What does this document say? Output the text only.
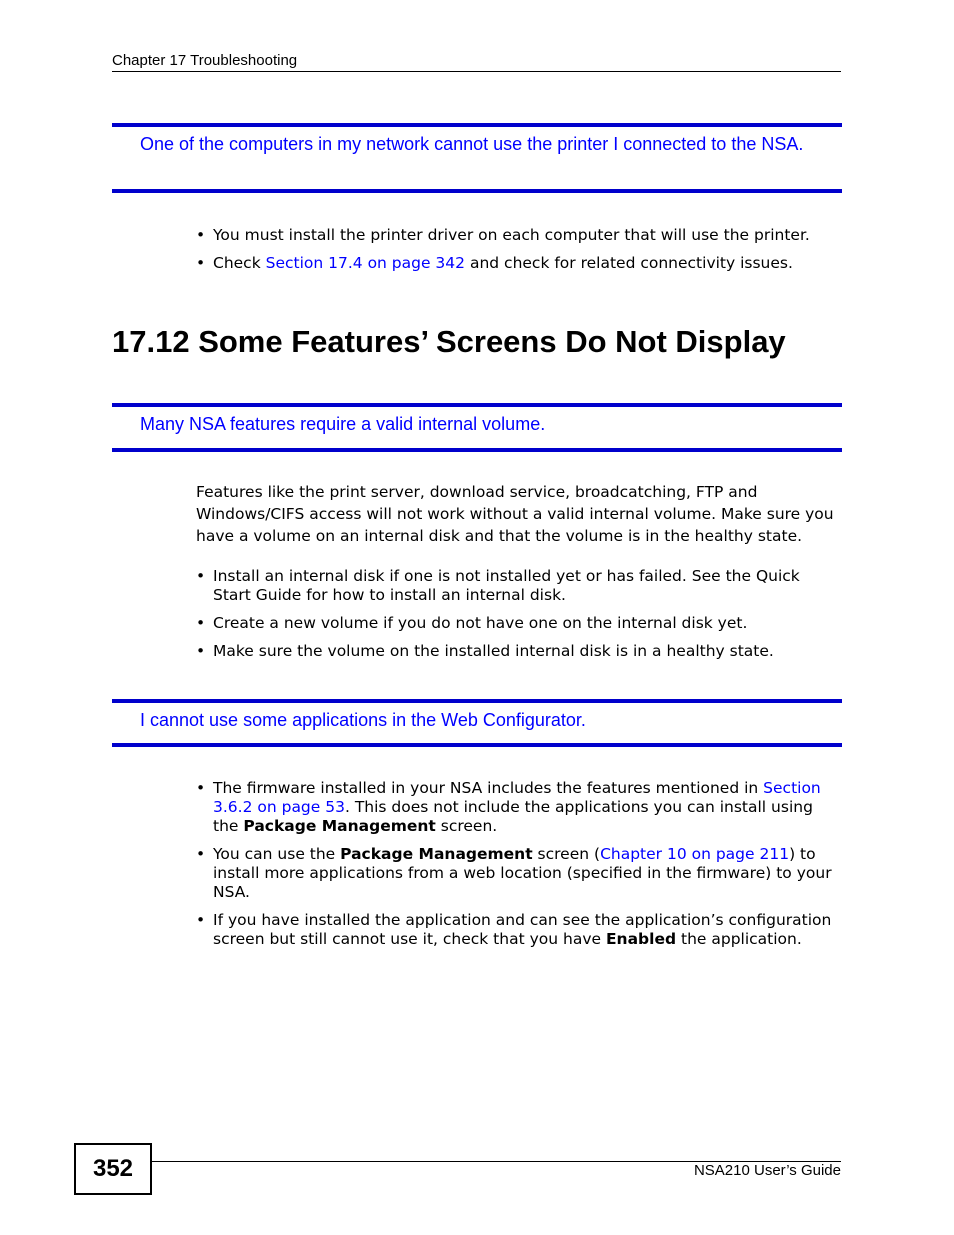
Chapter 17 Troubleshooting
One of the computers in my network cannot use the printer I connected to the NSA.
• You must install the printer driver on each computer that will use the printer.
• Check Section 17.4 on page 342 and check for related connectivity issues.
17.12 Some Features’ Screens Do Not Display
Many NSA features require a valid internal volume.
Features like the print server, download service, broadcatching, FTP and Windows/CIFS access will not work without a valid internal volume. Make sure you have a volume on an internal disk and that the volume is in the healthy state.
• Install an internal disk if one is not installed yet or has failed. See the Quick Start Guide for how to install an internal disk.
• Create a new volume if you do not have one on the internal disk yet.
• Make sure the volume on the installed internal disk is in a healthy state.
I cannot use some applications in the Web Configurator.
• The firmware installed in your NSA includes the features mentioned in Section 3.6.2 on page 53. This does not include the applications you can install using the Package Management screen.
• You can use the Package Management screen (Chapter 10 on page 211) to install more applications from a web location (specified in the firmware) to your NSA.
• If you have installed the application and can see the application’s configuration screen but still cannot use it, check that you have Enabled the application.
352	NSA210 User’s Guide
